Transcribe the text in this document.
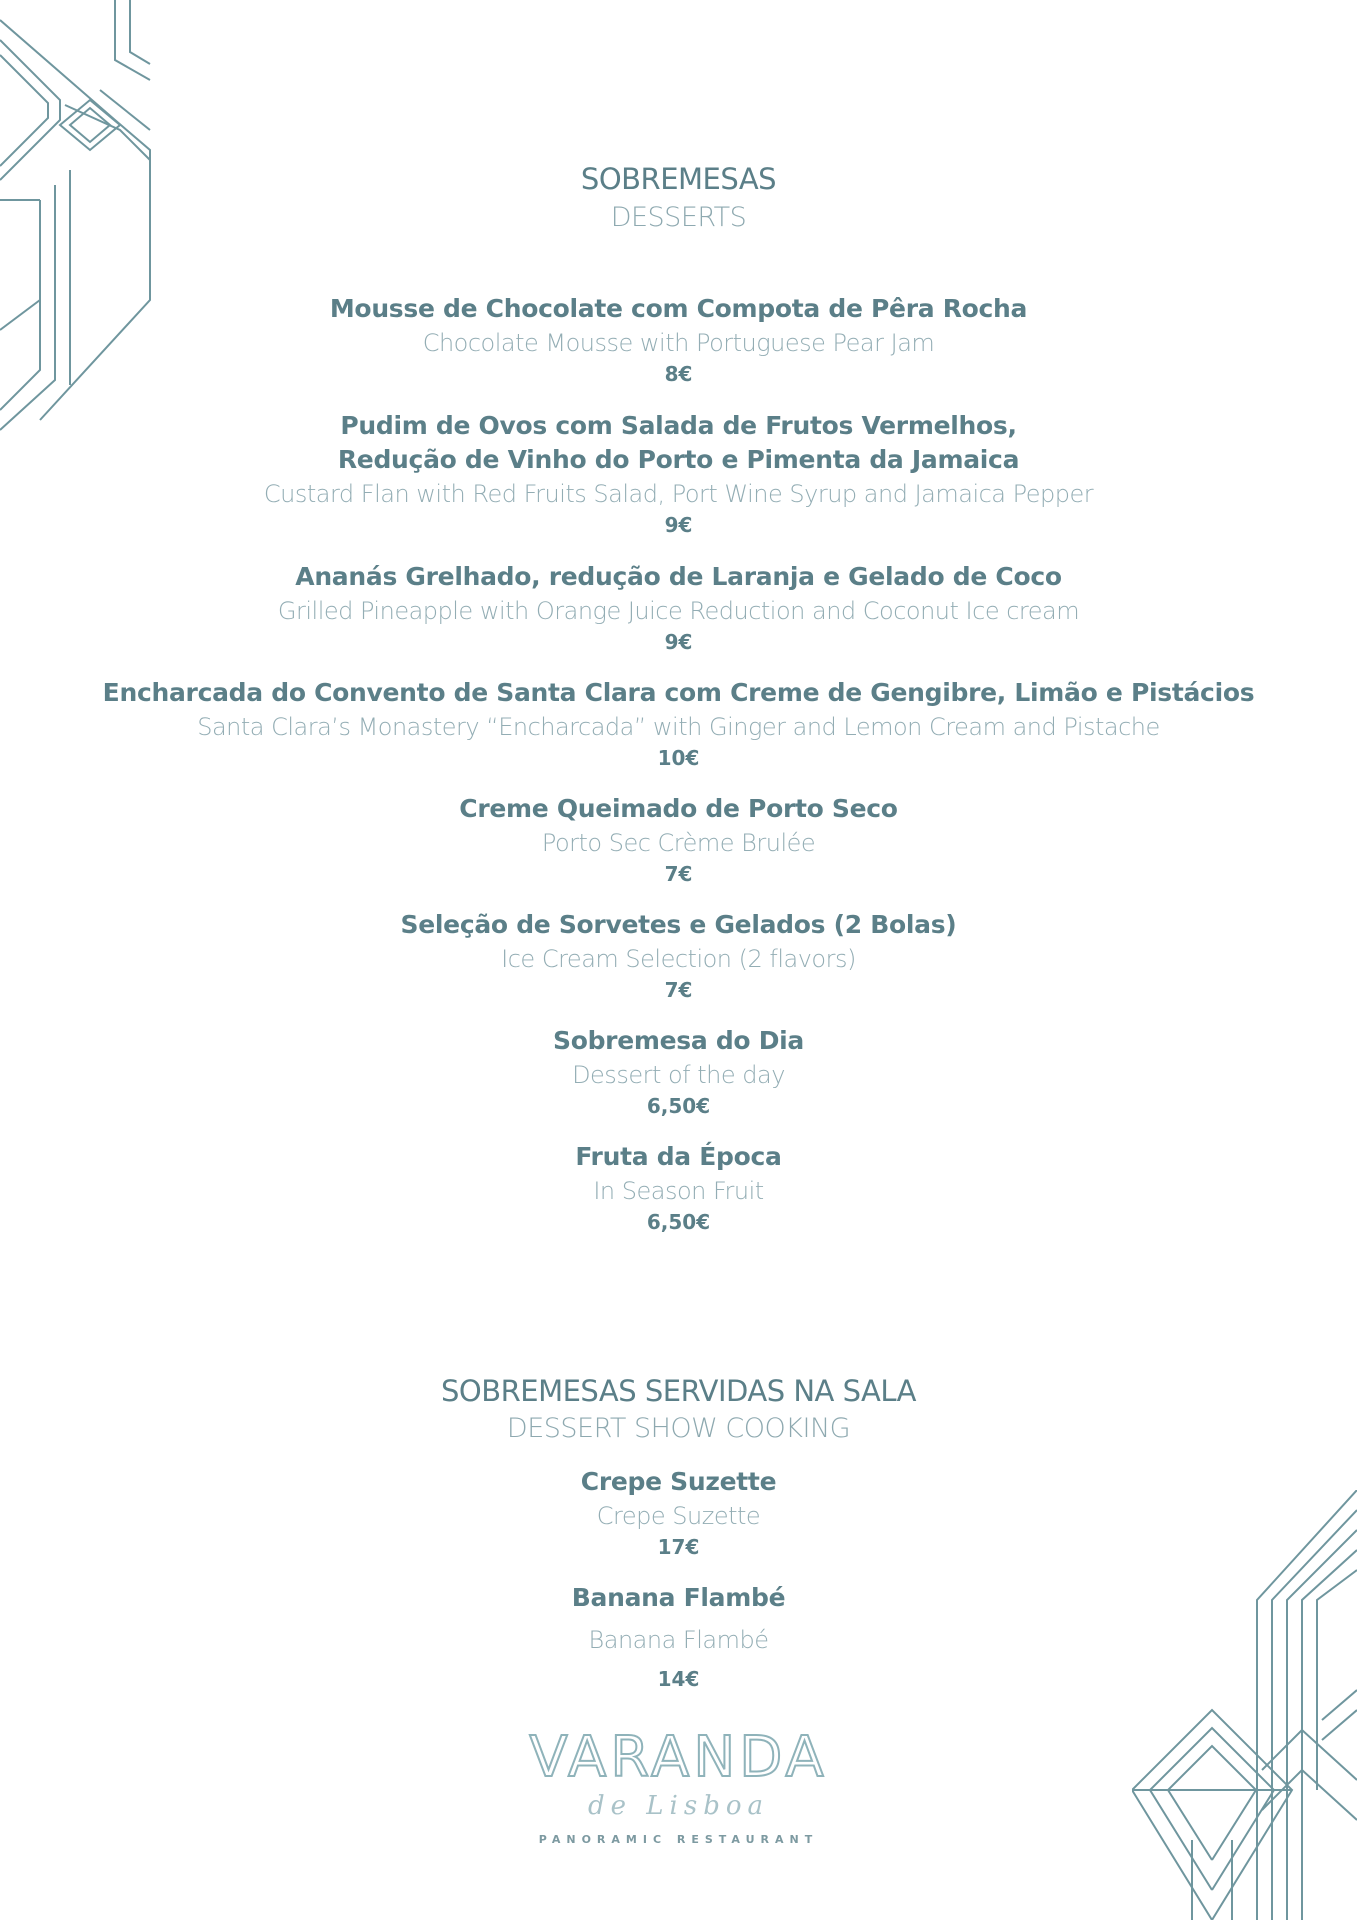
SOBREMESAS
DESSERTS
Mousse de Chocolate com Compota de Pêra Rocha
Chocolate Mousse with Portuguese Pear Jam
8€
Pudim de Ovos com Salada de Frutos Vermelhos,
Redução de Vinho do Porto e Pimenta da Jamaica
Custard Flan with Red Fruits Salad, Port Wine Syrup and Jamaica Pepper
9€
Ananás Grelhado, redução de Laranja e Gelado de Coco
Grilled Pineapple with Orange Juice Reduction and Coconut Ice cream
9€
Encharcada do Convento de Santa Clara com Creme de Gengibre, Limão e Pistácios
Santa Clara’s Monastery “Encharcada” with Ginger and Lemon Cream and Pistache
10€
Creme Queimado de Porto Seco
Porto Sec Crème Brulée
7€
Seleção de Sorvetes e Gelados (2 Bolas)
Ice Cream Selection (2 flavors)
7€
Sobremesa do Dia
Dessert of the day
6,50€
Fruta da Época
In Season Fruit
6,50€
SOBREMESAS SERVIDAS NA SALA
DESSERT SHOW COOKING
Crepe Suzette
Crepe Suzette
17€
Banana Flambé
Banana Flambé
14€
VARANDA
de Lisboa
PANORAMIC RESTAURANT
